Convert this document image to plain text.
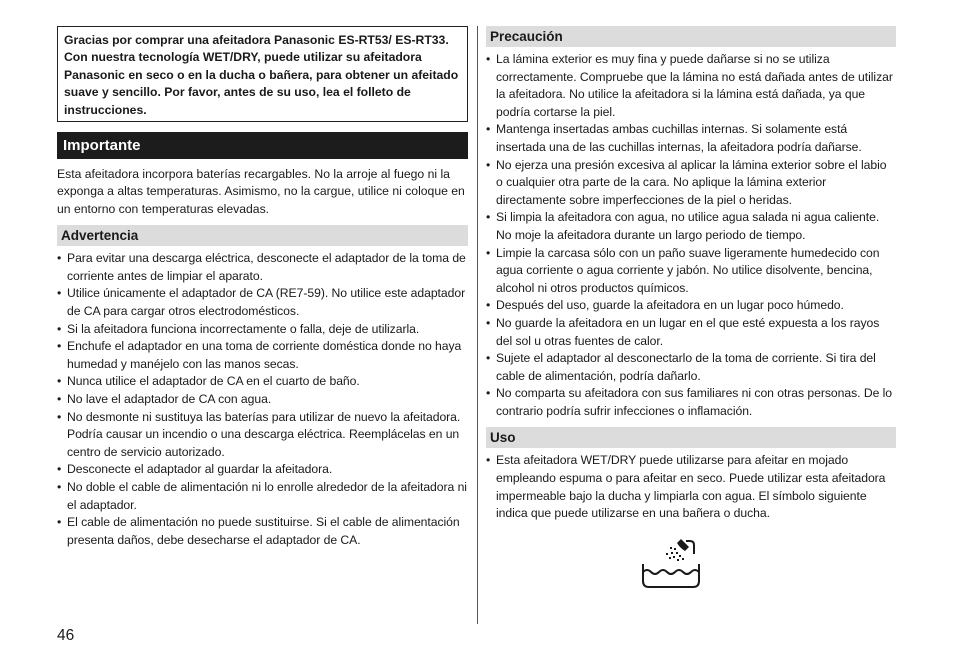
Gracias por comprar una afeitadora Panasonic ES-RT53/ ES-RT33. Con nuestra tecnología WET/DRY, puede utilizar su afeitadora Panasonic en seco o en la ducha o bañera, para obtener un afeitado suave y sencillo. Por favor, antes de su uso, lea el folleto de instrucciones.
Importante
Esta afeitadora incorpora baterías recargables. No la arroje al fuego ni la exponga a altas temperaturas. Asimismo, no la cargue, utilice ni coloque en un entorno con temperaturas elevadas.
Advertencia
• Para evitar una descarga eléctrica, desconecte el adaptador de la toma de corriente antes de limpiar el aparato.
• Utilice únicamente el adaptador de CA (RE7-59). No utilice este adaptador de CA para cargar otros electrodomésticos.
• Si la afeitadora funciona incorrectamente o falla, deje de utilizarla.
• Enchufe el adaptador en una toma de corriente doméstica donde no haya humedad y manéjelo con las manos secas.
• Nunca utilice el adaptador de CA en el cuarto de baño.
• No lave el adaptador de CA con agua.
• No desmonte ni sustituya las baterías para utilizar de nuevo la afeitadora. Podría causar un incendio o una descarga eléctrica. Reemplácelas en un centro de servicio autorizado.
• Desconecte el adaptador al guardar la afeitadora.
• No doble el cable de alimentación ni lo enrolle alrededor de la afeitadora ni el adaptador.
• El cable de alimentación no puede sustituirse. Si el cable de alimentación presenta daños, debe desecharse el adaptador de CA.
Precaución
• La lámina exterior es muy fina y puede dañarse si no se utiliza correctamente. Compruebe que la lámina no está dañada antes de utilizar la afeitadora. No utilice la afeitadora si la lámina está dañada, ya que podría cortarse la piel.
• Mantenga insertadas ambas cuchillas internas. Si solamente está insertada una de las cuchillas internas, la afeitadora podría dañarse.
• No ejerza una presión excesiva al aplicar la lámina exterior sobre el labio o cualquier otra parte de la cara. No aplique la lámina exterior directamente sobre imperfecciones de la piel o heridas.
• Si limpia la afeitadora con agua, no utilice agua salada ni agua caliente. No moje la afeitadora durante un largo periodo de tiempo.
• Limpie la carcasa sólo con un paño suave ligeramente humedecido con agua corriente o agua corriente y jabón. No utilice disolvente, bencina, alcohol ni otros productos químicos.
• Después del uso, guarde la afeitadora en un lugar poco húmedo.
• No guarde la afeitadora en un lugar en el que esté expuesta a los rayos del sol u otras fuentes de calor.
• Sujete el adaptador al desconectarlo de la toma de corriente. Si tira del cable de alimentación, podría dañarlo.
• No comparta su afeitadora con sus familiares ni con otras personas. De lo contrario podría sufrir infecciones o inflamación.
Uso
• Esta afeitadora WET/DRY puede utilizarse para afeitar en mojado empleando espuma o para afeitar en seco. Puede utilizar esta afeitadora impermeable bajo la ducha y limpiarla con agua. El símbolo siguiente indica que puede utilizarse en una bañera o ducha.
46
